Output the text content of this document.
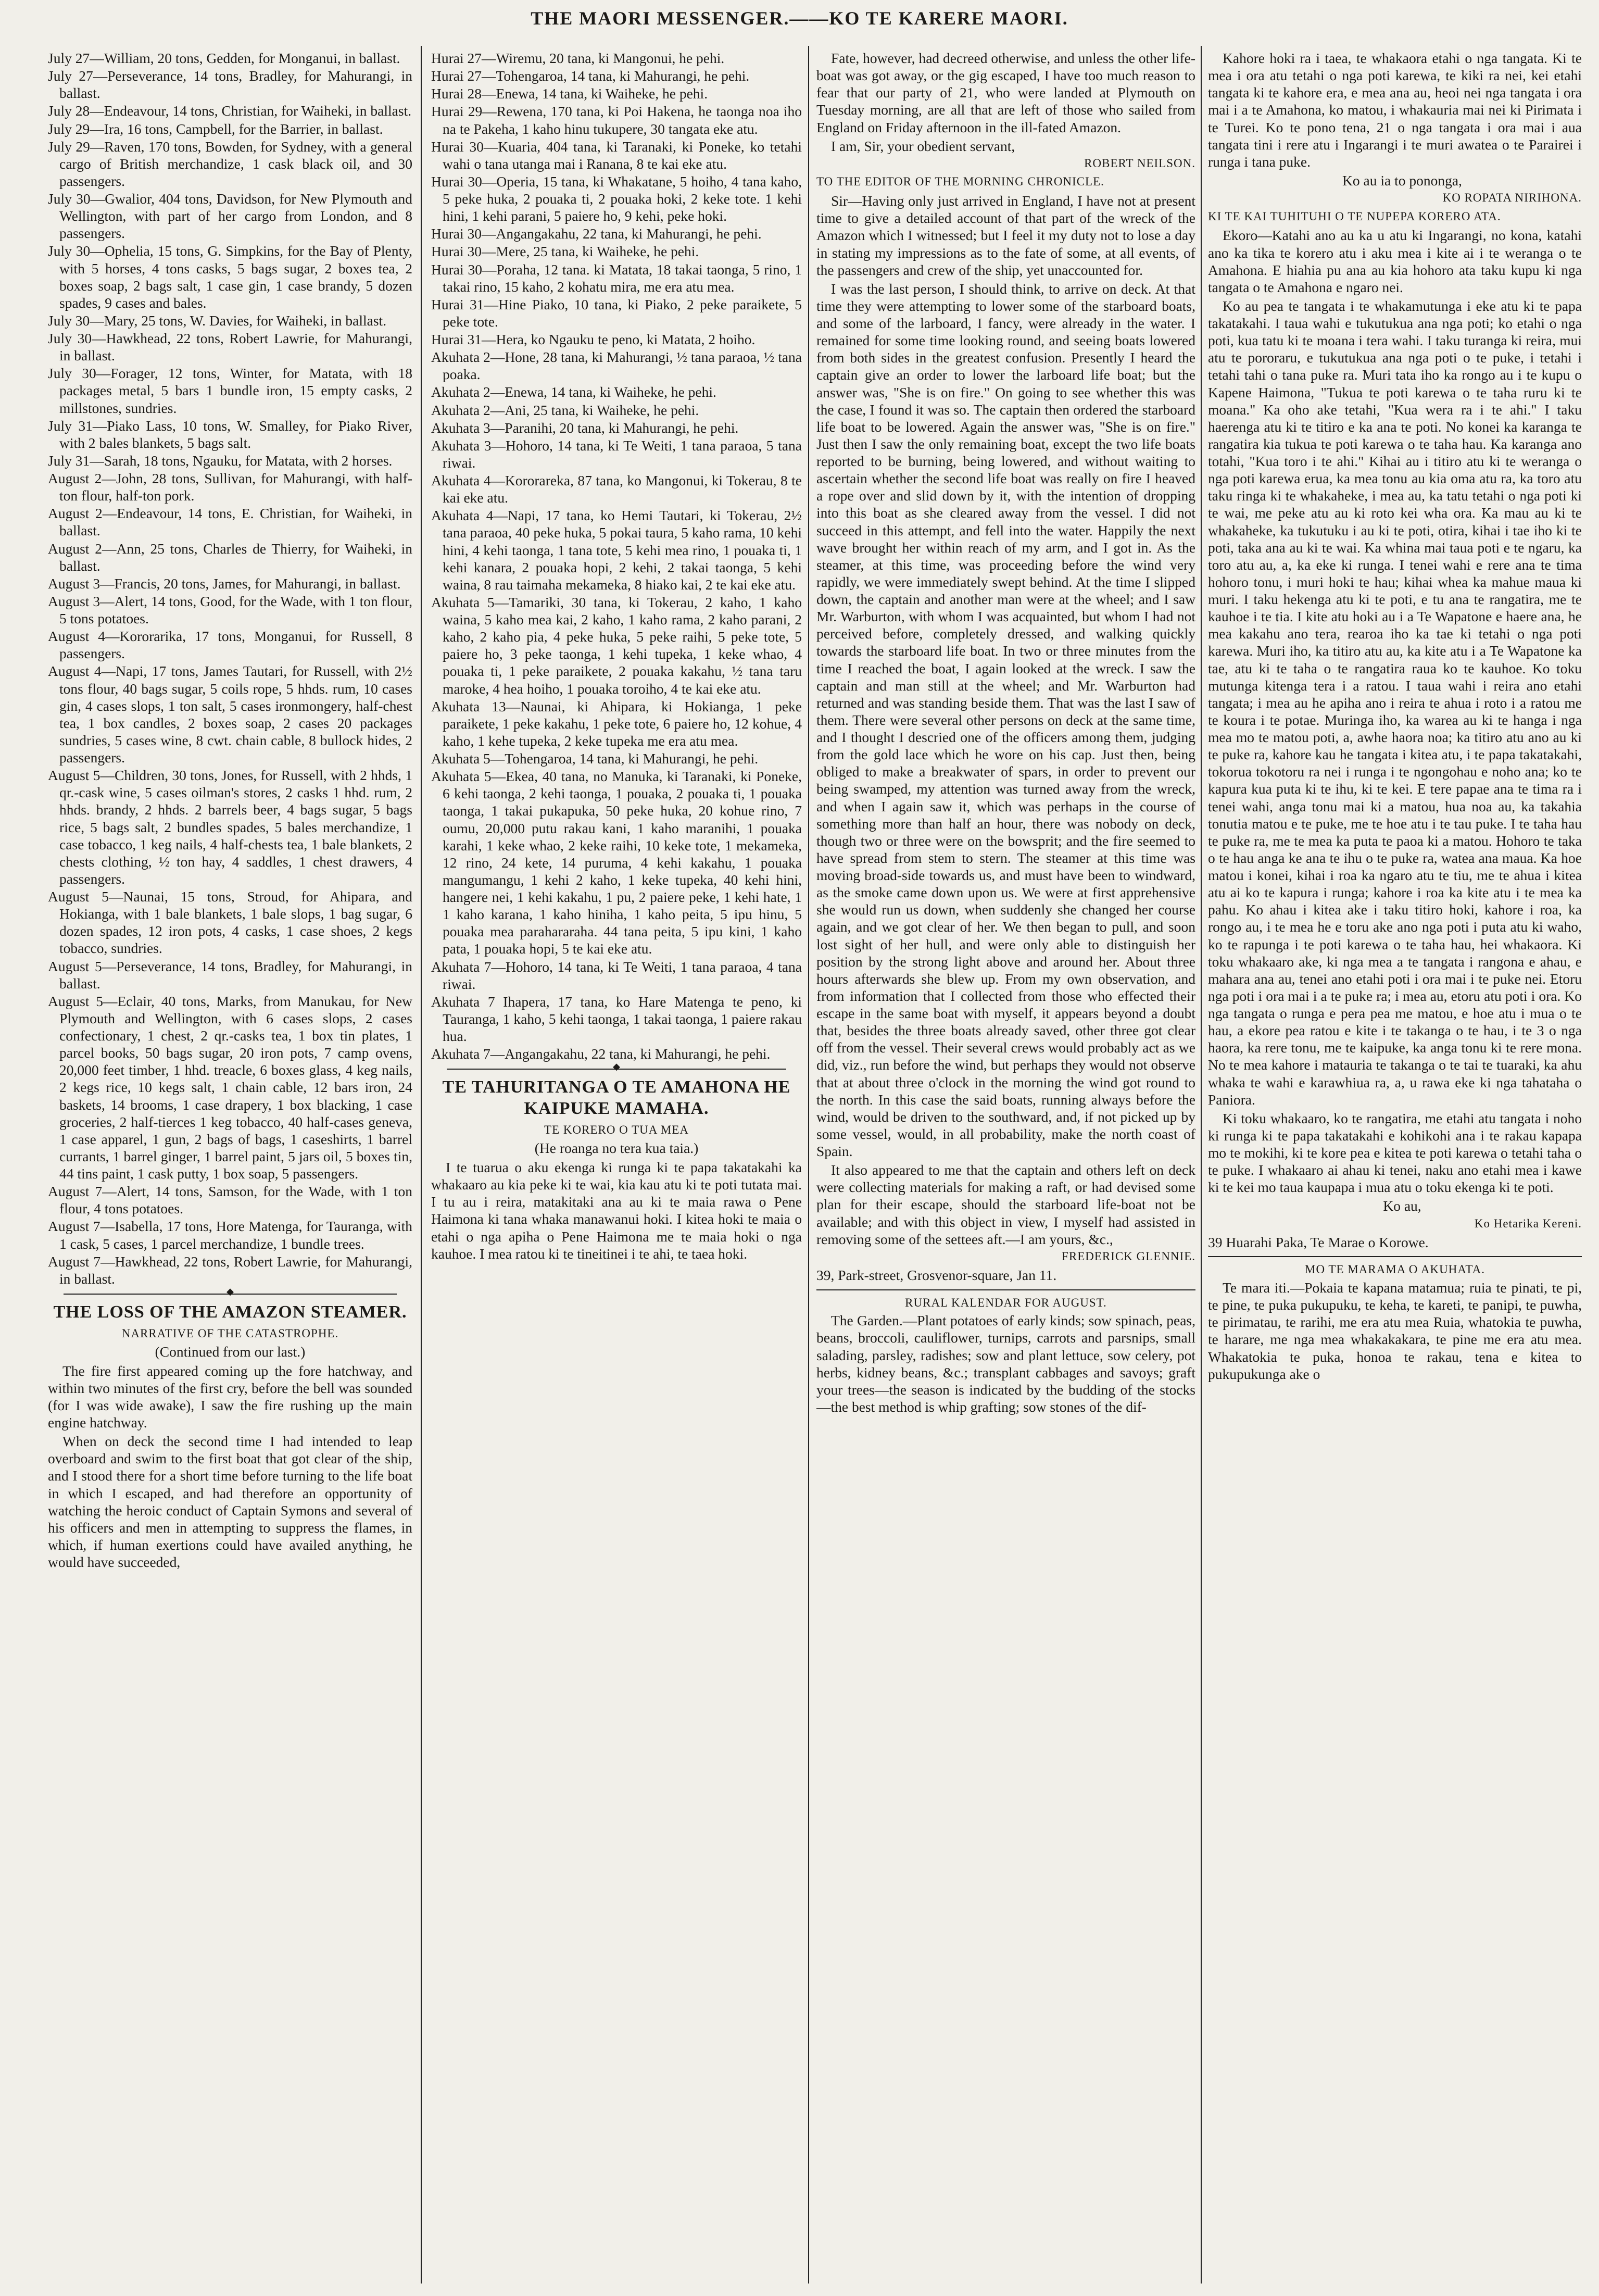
THE MAORI MESSENGER.——KO TE KARERE MAORI.

July 27—William, 20 tons, Gedden, for Monganui, in ballast.

July 27—Perseverance, 14 tons, Bradley, for Mahurangi, in ballast.

July 28—Endeavour, 14 tons, Christian, for Waiheki, in ballast.

July 29—Ira, 16 tons, Campbell, for the Barrier, in ballast.

July 29—Raven, 170 tons, Bowden, for Sydney, with a general cargo of British merchandize, 1 cask black oil, and 30 passengers.

July 30—Gwalior, 404 tons, Davidson, for New Plymouth and Wellington, with part of her cargo from London, and 8 passengers.

July 30—Ophelia, 15 tons, G. Simpkins, for the Bay of Plenty, with 5 horses, 4 tons casks, 5 bags sugar, 2 boxes tea, 2 boxes soap, 2 bags salt, 1 case gin, 1 case brandy, 5 dozen spades, 9 cases and bales.

July 30—Mary, 25 tons, W. Davies, for Waiheki, in ballast.

July 30—Hawkhead, 22 tons, Robert Lawrie, for Mahurangi, in ballast.

July 30—Forager, 12 tons, Winter, for Matata, with 18 packages metal, 5 bars 1 bundle iron, 15 empty casks, 2 millstones, sundries.

July 31—Piako Lass, 10 tons, W. Smalley, for Piako River, with 2 bales blankets, 5 bags salt.

July 31—Sarah, 18 tons, Ngauku, for Matata, with 2 horses.

August 2—John, 28 tons, Sullivan, for Mahurangi, with half-ton flour, half-ton pork.

August 2—Endeavour, 14 tons, E. Christian, for Waiheki, in ballast.

August 2—Ann, 25 tons, Charles de Thierry, for Waiheki, in ballast.

August 3—Francis, 20 tons, James, for Mahurangi, in ballast.

August 3—Alert, 14 tons, Good, for the Wade, with 1 ton flour, 5 tons potatoes.

August 4—Kororarika, 17 tons, Monganui, for Russell, 8 passengers.

August 4—Napi, 17 tons, James Tautari, for Russell, with 2½ tons flour, 40 bags sugar, 5 coils rope, 5 hhds. rum, 10 cases gin, 4 cases slops, 1 ton salt, 5 cases ironmongery, half-chest tea, 1 box candles, 2 boxes soap, 2 cases 20 packages sundries, 5 cases wine, 8 cwt. chain cable, 8 bullock hides, 2 passengers.

August 5—Children, 30 tons, Jones, for Russell, with 2 hhds, 1 qr.-cask wine, 5 cases oilman's stores, 2 casks 1 hhd. rum, 2 hhds. brandy, 2 hhds. 2 barrels beer, 4 bags sugar, 5 bags rice, 5 bags salt, 2 bundles spades, 5 bales merchandize, 1 case tobacco, 1 keg nails, 4 half-chests tea, 1 bale blankets, 2 chests clothing, ½ ton hay, 4 saddles, 1 chest drawers, 4 passengers.

August 5—Naunai, 15 tons, Stroud, for Ahipara, and Hokianga, with 1 bale blankets, 1 bale slops, 1 bag sugar, 6 dozen spades, 12 iron pots, 4 casks, 1 case shoes, 2 kegs tobacco, sundries.

August 5—Perseverance, 14 tons, Bradley, for Mahurangi, in ballast.

August 5—Eclair, 40 tons, Marks, from Manukau, for New Plymouth and Wellington, with 6 cases slops, 2 cases confectionary, 1 chest, 2 qr.-casks tea, 1 box tin plates, 1 parcel books, 50 bags sugar, 20 iron pots, 7 camp ovens, 20,000 feet timber, 1 hhd. treacle, 6 boxes glass, 4 keg nails, 2 kegs rice, 10 kegs salt, 1 chain cable, 12 bars iron, 24 baskets, 14 brooms, 1 case drapery, 1 box blacking, 1 case groceries, 2 half-tierces 1 keg tobacco, 40 half-cases geneva, 1 case apparel, 1 gun, 2 bags of bags, 1 caseshirts, 1 barrel currants, 1 barrel ginger, 1 barrel paint, 5 jars oil, 5 boxes tin, 44 tins paint, 1 cask putty, 1 box soap, 5 passengers.

August 7—Alert, 14 tons, Samson, for the Wade, with 1 ton flour, 4 tons potatoes.

August 7—Isabella, 17 tons, Hore Matenga, for Tauranga, with 1 cask, 5 cases, 1 parcel merchandize, 1 bundle trees.

August 7—Hawkhead, 22 tons, Robert Lawrie, for Mahurangi, in ballast.

◆
THE LOSS OF THE AMAZON STEAMER.
NARRATIVE OF THE CATASTROPHE.
(Continued from our last.)

The fire first appeared coming up the fore hatchway, and within two minutes of the first cry, before the bell was sounded (for I was wide awake), I saw the fire rushing up the main engine hatchway.

When on deck the second time I had intended to leap overboard and swim to the first boat that got clear of the ship, and I stood there for a short time before turning to the life boat in which I escaped, and had therefore an opportunity of watching the heroic conduct of Captain Symons and several of his officers and men in attempting to suppress the flames, in which, if human exertions could have availed anything, he would have succeeded,

Hurai 27—Wiremu, 20 tana, ki Mangonui, he pehi.

Hurai 27—Tohengaroa, 14 tana, ki Mahurangi, he pehi.

Hurai 28—Enewa, 14 tana, ki Waiheke, he pehi.

Hurai 29—Rewena, 170 tana, ki Poi Hakena, he taonga noa iho na te Pakeha, 1 kaho hinu tukupere, 30 tangata eke atu.

Hurai 30—Kuaria, 404 tana, ki Taranaki, ki Poneke, ko tetahi wahi o tana utanga mai i Ranana, 8 te kai eke atu.

Hurai 30—Operia, 15 tana, ki Whakatane, 5 hoiho, 4 tana kaho, 5 peke huka, 2 pouaka ti, 2 pouaka hoki, 2 keke tote. 1 kehi hini, 1 kehi parani, 5 paiere ho, 9 kehi, peke hoki.

Hurai 30—Angangakahu, 22 tana, ki Mahurangi, he pehi.

Hurai 30—Mere, 25 tana, ki Waiheke, he pehi.

Hurai 30—Poraha, 12 tana. ki Matata, 18 takai taonga, 5 rino, 1 takai rino, 15 kaho, 2 kohatu mira, me era atu mea.

Hurai 31—Hine Piako, 10 tana, ki Piako, 2 peke paraikete, 5 peke tote.

Hurai 31—Hera, ko Ngauku te peno, ki Matata, 2 hoiho.

Akuhata 2—Hone, 28 tana, ki Mahurangi, ½ tana paraoa, ½ tana poaka.

Akuhata 2—Enewa, 14 tana, ki Waiheke, he pehi.

Akuhata 2—Ani, 25 tana, ki Waiheke, he pehi.

Akuhata 3—Paranihi, 20 tana, ki Mahurangi, he pehi.

Akuhata 3—Hohoro, 14 tana, ki Te Weiti, 1 tana paraoa, 5 tana riwai.

Akuhata 4—Kororareka, 87 tana, ko Mangonui, ki Tokerau, 8 te kai eke atu.

Akuhata 4—Napi, 17 tana, ko Hemi Tautari, ki Tokerau, 2½ tana paraoa, 40 peke huka, 5 pokai taura, 5 kaho rama, 10 kehi hini, 4 kehi taonga, 1 tana tote, 5 kehi mea rino, 1 pouaka ti, 1 kehi kanara, 2 pouaka hopi, 2 kehi, 2 takai taonga, 5 kehi waina, 8 rau taimaha mekameka, 8 hiako kai, 2 te kai eke atu.

Akuhata 5—Tamariki, 30 tana, ki Tokerau, 2 kaho, 1 kaho waina, 5 kaho mea kai, 2 kaho, 1 kaho rama, 2 kaho parani, 2 kaho, 2 kaho pia, 4 peke huka, 5 peke raihi, 5 peke tote, 5 paiere ho, 3 peke taonga, 1 kehi tupeka, 1 keke whao, 4 pouaka ti, 1 peke paraikete, 2 pouaka kakahu, ½ tana taru maroke, 4 hea hoiho, 1 pouaka toroiho, 4 te kai eke atu.

Akuhata 13—Naunai, ki Ahipara, ki Hokianga, 1 peke paraikete, 1 peke kakahu, 1 peke tote, 6 paiere ho, 12 kohue, 4 kaho, 1 kehe tupeka, 2 keke tupeka me era atu mea.

Akuhata 5—Tohengaroa, 14 tana, ki Mahurangi, he pehi.

Akuhata 5—Ekea, 40 tana, no Manuka, ki Taranaki, ki Poneke, 6 kehi taonga, 2 kehi taonga, 1 pouaka, 2 pouaka ti, 1 pouaka taonga, 1 takai pukapuka, 50 peke huka, 20 kohue rino, 7 oumu, 20,000 putu rakau kani, 1 kaho maranihi, 1 pouaka karahi, 1 keke whao, 2 keke raihi, 10 keke tote, 1 mekameka, 12 rino, 24 kete, 14 puruma, 4 kehi kakahu, 1 pouaka mangumangu, 1 kehi 2 kaho, 1 keke tupeka, 40 kehi hini, hangere nei, 1 kehi kakahu, 1 pu, 2 paiere peke, 1 kehi hate, 1 1 kaho karana, 1 kaho hiniha, 1 kaho peita, 5 ipu hinu, 5 pouaka mea parahararaha. 44 tana peita, 5 ipu kini, 1 kaho pata, 1 pouaka hopi, 5 te kai eke atu.

Akuhata 7—Hohoro, 14 tana, ki Te Weiti, 1 tana paraoa, 4 tana riwai.

Akuhata 7 Ihapera, 17 tana, ko Hare Matenga te peno, ki Tauranga, 1 kaho, 5 kehi taonga, 1 takai taonga, 1 paiere rakau hua.

Akuhata 7—Angangakahu, 22 tana, ki Mahurangi, he pehi.

◆
TE TAHURITANGA O TE AMAHONA HE KAIPUKE MAMAHA.
TE KORERO O TUA MEA
(He roanga no tera kua taia.)

I te tuarua o aku ekenga ki runga ki te papa takatakahi ka whakaaro au kia peke ki te wai, kia kau atu ki te poti tutata mai. I tu au i reira, matakitaki ana au ki te maia rawa o Pene Haimona ki tana whaka manawanui hoki. I kitea hoki te maia o etahi o nga apiha o Pene Haimona me te maia hoki o nga kauhoe. I mea ratou ki te tineitinei i te ahi, te taea hoki.

Fate, however, had decreed otherwise, and unless the other life-boat was got away, or the gig escaped, I have too much reason to fear that our party of 21, who were landed at Plymouth on Tuesday morning, are all that are left of those who sailed from England on Friday afternoon in the ill-fated Amazon.

I am, Sir, your obedient servant,

ROBERT NEILSON.
TO THE EDITOR OF THE MORNING CHRONICLE.

Sir—Having only just arrived in England, I have not at present time to give a detailed account of that part of the wreck of the Amazon which I witnessed; but I feel it my duty not to lose a day in stating my impressions as to the fate of some, at all events, of the passengers and crew of the ship, yet unaccounted for.

I was the last person, I should think, to arrive on deck. At that time they were attempting to lower some of the starboard boats, and some of the larboard, I fancy, were already in the water. I remained for some time looking round, and seeing boats lowered from both sides in the greatest confusion. Presently I heard the captain give an order to lower the larboard life boat; but the answer was, "She is on fire." On going to see whether this was the case, I found it was so. The captain then ordered the starboard life boat to be lowered. Again the answer was, "She is on fire." Just then I saw the only remaining boat, except the two life boats reported to be burning, being lowered, and without waiting to ascertain whether the second life boat was really on fire I heaved a rope over and slid down by it, with the intention of dropping into this boat as she cleared away from the vessel. I did not succeed in this attempt, and fell into the water. Happily the next wave brought her within reach of my arm, and I got in. As the steamer, at this time, was proceeding before the wind very rapidly, we were immediately swept behind. At the time I slipped down, the captain and another man were at the wheel; and I saw Mr. Warburton, with whom I was acquainted, but whom I had not perceived before, completely dressed, and walking quickly towards the starboard life boat. In two or three minutes from the time I reached the boat, I again looked at the wreck. I saw the captain and man still at the wheel; and Mr. Warburton had returned and was standing beside them. That was the last I saw of them. There were several other persons on deck at the same time, and I thought I descried one of the officers among them, judging from the gold lace which he wore on his cap. Just then, being obliged to make a breakwater of spars, in order to prevent our being swamped, my attention was turned away from the wreck, and when I again saw it, which was perhaps in the course of something more than half an hour, there was nobody on deck, though two or three were on the bowsprit; and the fire seemed to have spread from stem to stern. The steamer at this time was moving broad-side towards us, and must have been to windward, as the smoke came down upon us. We were at first apprehensive she would run us down, when suddenly she changed her course again, and we got clear of her. We then began to pull, and soon lost sight of her hull, and were only able to distinguish her position by the strong light above and around her. About three hours afterwards she blew up. From my own observation, and from information that I collected from those who effected their escape in the same boat with myself, it appears beyond a doubt that, besides the three boats already saved, other three got clear off from the vessel. Their several crews would probably act as we did, viz., run before the wind, but perhaps they would not observe that at about three o'clock in the morning the wind got round to the north. In this case the said boats, running always before the wind, would be driven to the southward, and, if not picked up by some vessel, would, in all probability, make the north coast of Spain.

It also appeared to me that the captain and others left on deck were collecting materials for making a raft, or had devised some plan for their escape, should the starboard life-boat not be available; and with this object in view, I myself had assisted in removing some of the settees aft.—I am yours, &c.,

FREDERICK GLENNIE.
39, Park-street, Grosvenor-square, Jan 11.
RURAL KALENDAR FOR AUGUST.

The Garden.—Plant potatoes of early kinds; sow spinach, peas, beans, broccoli, cauliflower, turnips, carrots and parsnips, small salading, parsley, radishes; sow and plant lettuce, sow celery, pot herbs, kidney beans, &c.; transplant cabbages and savoys; graft your trees—the season is indicated by the budding of the stocks—the best method is whip grafting; sow stones of the dif-

Kahore hoki ra i taea, te whakaora etahi o nga tangata. Ki te mea i ora atu tetahi o nga poti karewa, te kiki ra nei, kei etahi tangata ki te kahore era, e mea ana au, heoi nei nga tangata i ora mai i a te Amahona, ko matou, i whakauria mai nei ki Pirimata i te Turei. Ko te pono tena, 21 o nga tangata i ora mai i aua tangata tini i rere atu i Ingarangi i te muri awatea o te Parairei i runga i tana puke.

Ko au ia to pononga,

KO ROPATA NIRIHONA.
KI TE KAI TUHITUHI O TE NUPEPA KORERO ATA.

Ekoro—Katahi ano au ka u atu ki Ingarangi, no kona, katahi ano ka tika te korero atu i aku mea i kite ai i te weranga o te Amahona. E hiahia pu ana au kia hohoro ata taku kupu ki nga tangata o te Amahona e ngaro nei.

Ko au pea te tangata i te whakamutunga i eke atu ki te papa takatakahi. I taua wahi e tukutukua ana nga poti; ko etahi o nga poti, kua tatu ki te moana i tera wahi. I taku turanga ki reira, mui atu te pororaru, e tukutukua ana nga poti o te puke, i tetahi i tetahi tahi o tana puke ra. Muri tata iho ka rongo au i te kupu o Kapene Haimona, "Tukua te poti karewa o te taha ruru ki te moana." Ka oho ake tetahi, "Kua wera ra i te ahi." I taku haerenga atu ki te titiro e ka ana te poti. No konei ka karanga te rangatira kia tukua te poti karewa o te taha hau. Ka karanga ano totahi, "Kua toro i te ahi." Kihai au i titiro atu ki te weranga o nga poti karewa erua, ka mea tonu au kia oma atu ra, ka toro atu taku ringa ki te whakaheke, i mea au, ka tatu tetahi o nga poti ki te wai, me peke atu au ki roto kei wha ora. Ka mau au ki te whakaheke, ka tukutuku i au ki te poti, otira, kihai i tae iho ki te poti, taka ana au ki te wai. Ka whina mai taua poti e te ngaru, ka toro atu au, a, ka eke ki runga. I tenei wahi e rere ana te tima hohoro tonu, i muri hoki te hau; kihai whea ka mahue maua ki muri. I taku hekenga atu ki te poti, e tu ana te rangatira, me te kauhoe i te tia. I kite atu hoki au i a Te Wapatone e haere ana, he mea kakahu ano tera, rearoa iho ka tae ki tetahi o nga poti karewa. Muri iho, ka titiro atu au, ka kite atu i a Te Wapatone ka tae, atu ki te taha o te rangatira raua ko te kauhoe. Ko toku mutunga kitenga tera i a ratou. I taua wahi i reira ano etahi tangata; i mea au he apiha ano i reira te ahua i roto i a ratou me te koura i te potae. Muringa iho, ka warea au ki te hanga i nga mea mo te matou poti, a, awhe haora noa; ka titiro atu ano au ki te puke ra, kahore kau he tangata i kitea atu, i te papa takatakahi, tokorua tokotoru ra nei i runga i te ngongohau e noho ana; ko te kapura kua puta ki te ihu, ki te kei. E tere papae ana te tima ra i tenei wahi, anga tonu mai ki a matou, hua noa au, ka takahia tonutia matou e te puke, me te hoe atu i te tau puke. I te taha hau te puke ra, me te mea ka puta te paoa ki a matou. Hohoro te taka o te hau anga ke ana te ihu o te puke ra, watea ana maua. Ka hoe matou i konei, kihai i roa ka ngaro atu te tiu, me te ahua i kitea atu ai ko te kapura i runga; kahore i roa ka kite atu i te mea ka pahu. Ko ahau i kitea ake i taku titiro hoki, kahore i roa, ka rongo au, i te mea he e toru ake ano nga poti i puta atu ki waho, ko te rapunga i te poti karewa o te taha hau, hei whakaora. Ki toku whakaaro ake, ki nga mea a te tangata i rangona e ahau, e mahara ana au, tenei ano etahi poti i ora mai i te puke nei. Etoru nga poti i ora mai i a te puke ra; i mea au, etoru atu poti i ora. Ko nga tangata o runga e pera pea me matou, e hoe atu i mua o te hau, a ekore pea ratou e kite i te takanga o te hau, i te 3 o nga haora, ka rere tonu, me te kaipuke, ka anga tonu ki te rere mona. No te mea kahore i matauria te takanga o te tai te tuaraki, ka ahu whaka te wahi e karawhiua ra, a, u rawa eke ki nga tahataha o Paniora.

Ki toku whakaaro, ko te rangatira, me etahi atu tangata i noho ki runga ki te papa takatakahi e kohikohi ana i te rakau kapapa mo te mokihi, ki te kore pea e kitea te poti karewa o tetahi taha o te puke. I whakaaro ai ahau ki tenei, naku ano etahi mea i kawe ki te kei mo taua kaupapa i mua atu o toku ekenga ki te poti.

Ko au,

Ko Hetarika Kereni.
39 Huarahi Paka, Te Marae o Korowe.
MO TE MARAMA O AKUHATA.

Te mara iti.—Pokaia te kapana matamua; ruia te pinati, te pi, te pine, te puka pukupuku, te keha, te kareti, te panipi, te puwha, te pirimatau, te rarihi, me era atu mea Ruia, whatokia te puwha, te harare, me nga mea whakakakara, te pine me era atu mea. Whakatokia te puka, honoa te rakau, tena e kitea to pukupukunga ake o
